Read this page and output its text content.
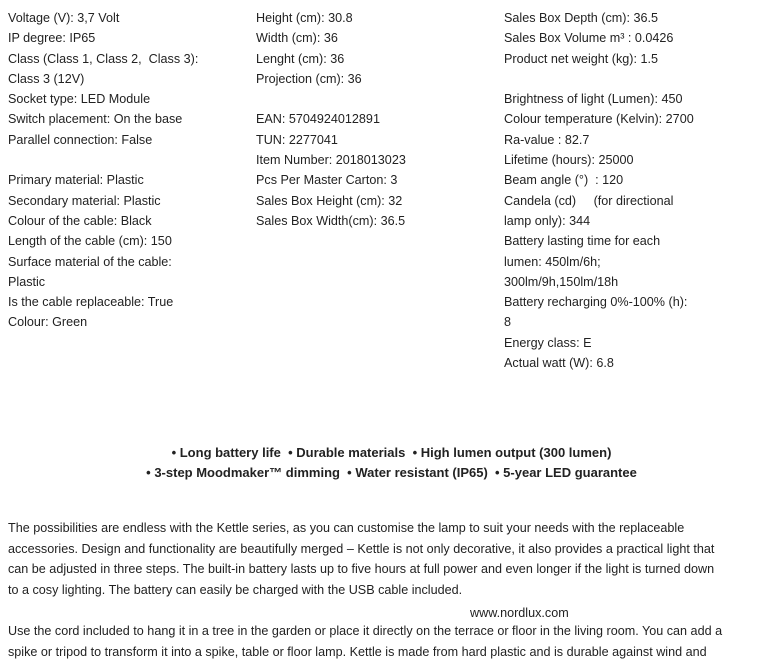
Voltage (V): 3,7 Volt
IP degree: IP65
Class (Class 1, Class 2,  Class 3):
Class 3 (12V)
Socket type: LED Module
Switch placement: On the base
Parallel connection: False
Primary material: Plastic
Secondary material: Plastic
Colour of the cable: Black
Length of the cable (cm): 150
Surface material of the cable:
Plastic
Is the cable replaceable: True
Colour: Green
Height (cm): 30.8
Width (cm): 36
Lenght (cm): 36
Projection (cm): 36
EAN: 5704924012891
TUN: 2277041
Item Number: 2018013023
Pcs Per Master Carton: 3
Sales Box Height (cm): 32
Sales Box Width(cm): 36.5
Sales Box Depth (cm): 36.5
Sales Box Volume m³ : 0.0426
Product net weight (kg): 1.5
Brightness of light (Lumen): 450
Colour temperature (Kelvin): 2700
Ra-value : 82.7
Lifetime (hours): 25000
Beam angle (°)  : 120
Candela (cd)     (for directional
lamp only): 344
Battery lasting time for each
lumen: 450lm/6h;
300lm/9h,150lm/18h
Battery recharging 0%-100% (h):
8
Energy class: E
Actual watt (W): 6.8
• Long battery life  • Durable materials  • High lumen output (300 lumen)
• 3-step Moodmaker™ dimming  • Water resistant (IP65)  • 5-year LED guarantee
The possibilities are endless with the Kettle series, as you can customise the lamp to suit your needs with the replaceable
accessories. Design and functionality are beautifully merged – Kettle is not only decorative, it also provides a practical light that
can be adjusted in three steps. The built-in battery lasts up to five hours at full power and even longer if the light is turned down
to a cosy lighting. The battery can easily be charged with the USB cable included.
www.nordlux.com
Use the cord included to hang it in a tree in the garden or place it directly on the terrace or floor in the living room. You can add a
spike or tripod to transform it into a spike, table or floor lamp. Kettle is made from hard plastic and is durable against wind and
